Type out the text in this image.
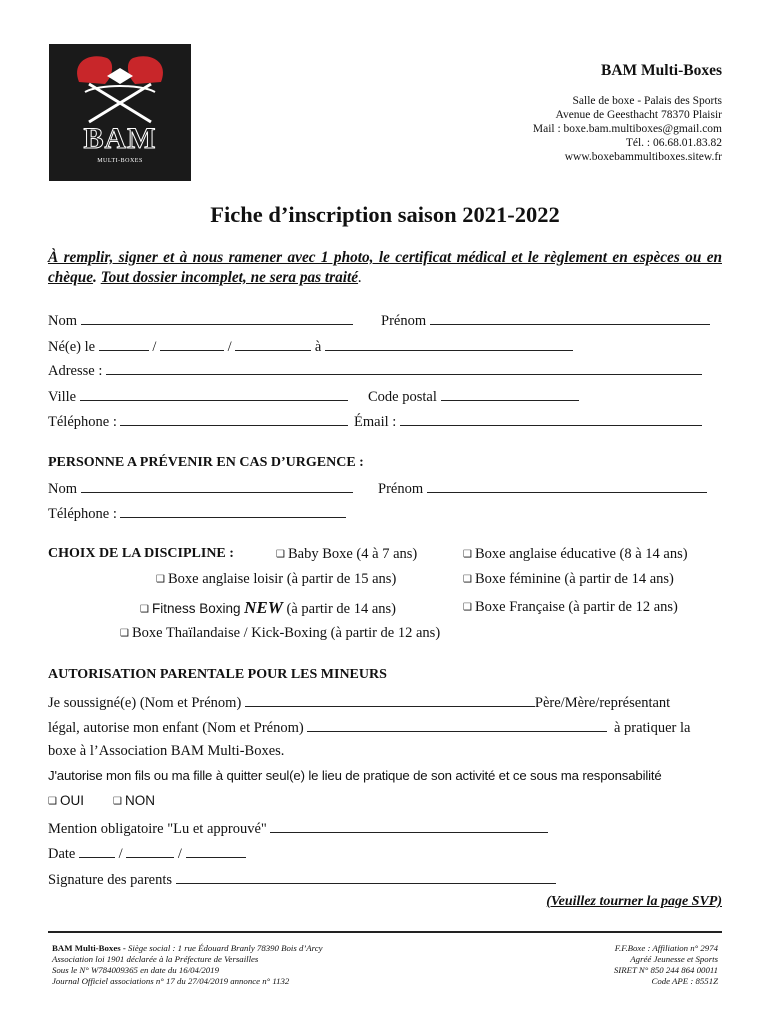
BAM
MULTI-BOXES
BAM Multi-Boxes
Salle de boxe - Palais des Sports
Avenue de Geesthacht 78370 Plaisir
Mail : boxe.bam.multiboxes@gmail.com
Tél. : 06.68.01.83.82
www.boxebammultiboxes.sitew.fr
Fiche d’inscription saison 2021-2022
À remplir, signer et à nous ramener avec 1 photo, le certificat médical et le règlement en espèces ou en chèque. Tout dossier incomplet, ne sera pas traité.
Nom	Prénom
Né(e) le	/	/	à
Adresse :
Ville	Code postal
Téléphone :	Émail :
PERSONNE A PRÉVENIR EN CAS D’URGENCE :
Nom	Prénom
Téléphone :
CHOIX DE LA DISCIPLINE :	❑ Baby Boxe (4 à 7 ans)	❑ Boxe anglaise éducative (8 à 14 ans)
❑ Boxe anglaise loisir (à partir de 15 ans)	❑ Boxe féminine (à partir de 14 ans)
❑ Fitness Boxing NEW (à partir de 14 ans)	❑ Boxe Française (à partir de 12 ans)
❑ Boxe Thaïlandaise / Kick-Boxing (à partir de 12 ans)
AUTORISATION PARENTALE POUR LES MINEURS
Je soussigné(e) (Nom et Prénom)	Père/Mère/représentant
légal, autorise mon enfant (Nom et Prénom)	à pratiquer la
boxe à l’Association BAM Multi-Boxes.
J'autorise mon fils ou ma fille à quitter seul(e) le lieu de pratique de son activité et ce sous ma responsabilité
❑ OUI	❑ NON
Mention obligatoire "Lu et approuvé"
Date	/	/
Signature des parents
(Veuillez tourner la page SVP)
BAM Multi-Boxes - Siège social : 1 rue Édouard Branly 78390 Bois d’Arcy
Association loi 1901 déclarée à la Préfecture de Versailles
Sous le N° W784009365 en date du 16/04/2019
Journal Officiel associations n° 17 du 27/04/2019 annonce n° 1132
F.F.Boxe : Affiliation n° 2974
Agréé Jeunesse et Sports
SIRET N° 850 244 864 00011
Code APE : 8551Z
